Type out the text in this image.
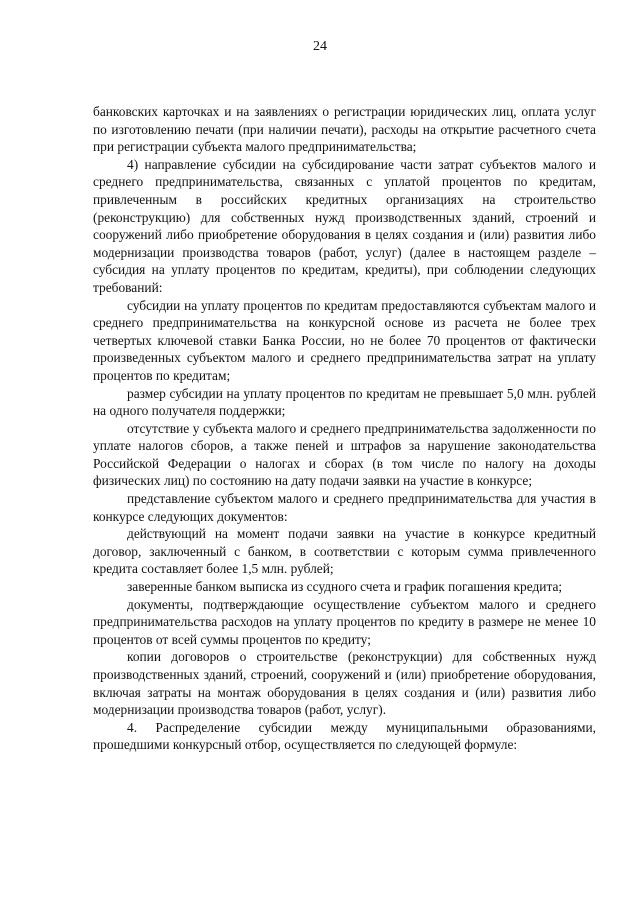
24

банковских карточках и на заявлениях о регистрации юридических лиц, оплата услуг по изготовлению печати (при наличии печати), расходы на открытие расчетного счета при регистрации субъекта малого предпринимательства;

4) направление субсидии на субсидирование части затрат субъектов малого и среднего предпринимательства, связанных с уплатой процентов по кредитам, привлеченным в российских кредитных организациях на строительство (реконструкцию) для собственных нужд производственных зданий, строений и сооружений либо приобретение оборудования в целях создания и (или) развития либо модернизации производства товаров (работ, услуг) (далее в настоящем разделе – субсидия на уплату процентов по кредитам, кредиты), при соблюдении следующих требований:

субсидии на уплату процентов по кредитам предоставляются субъектам малого и среднего предпринимательства на конкурсной основе из расчета не более трех четвертых ключевой ставки Банка России, но не более 70 процентов от фактически произведенных субъектом малого и среднего предпринимательства затрат на уплату процентов по кредитам;

размер субсидии на уплату процентов по кредитам не превышает 5,0 млн. рублей на одного получателя поддержки;

отсутствие у субъекта малого и среднего предпринимательства задолженности по уплате налогов сборов, а также пеней и штрафов за нарушение законодательства Российской Федерации о налогах и сборах (в том числе по налогу на доходы физических лиц) по состоянию на дату подачи заявки на участие в конкурсе;

представление субъектом малого и среднего предпринимательства для участия в конкурсе следующих документов:

действующий на момент подачи заявки на участие в конкурсе кредитный договор, заключенный с банком, в соответствии с которым сумма привлеченного кредита составляет более 1,5 млн. рублей;

заверенные банком выписка из ссудного счета и график погашения кредита;

документы, подтверждающие осуществление субъектом малого и среднего предпринимательства расходов на уплату процентов по кредиту в размере не менее 10 процентов от всей суммы процентов по кредиту;

копии договоров о строительстве (реконструкции) для собственных нужд производственных зданий, строений, сооружений и (или) приобретение оборудования, включая затраты на монтаж оборудования в целях создания и (или) развития либо модернизации производства товаров (работ, услуг).

4. Распределение субсидии между муниципальными образованиями, прошедшими конкурсный отбор, осуществляется по следующей формуле:
